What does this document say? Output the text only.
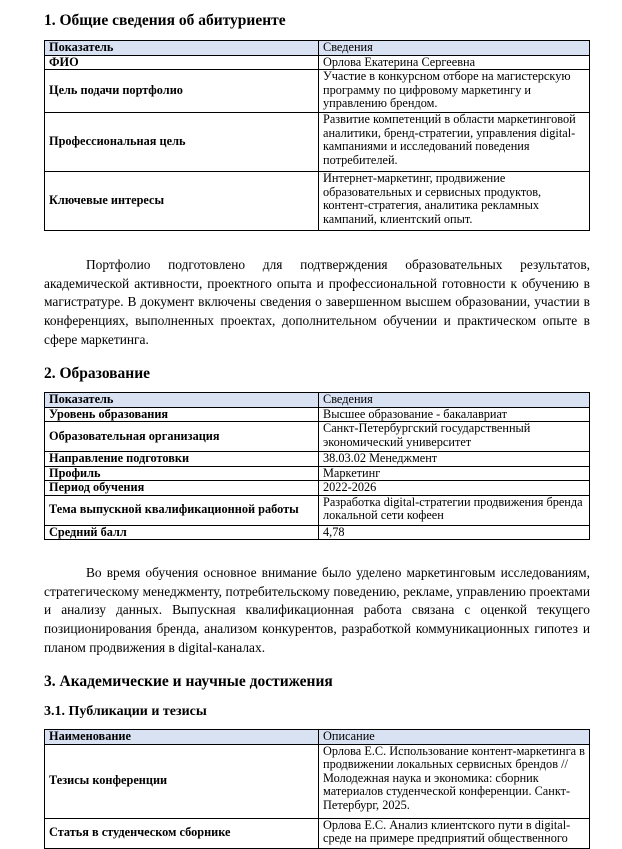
1. Общие сведения об абитуриенте
Показатель	Сведения
ФИО	Орлова Екатерина Сергеевна
Цель подачи портфолио	Участие в конкурсном отборе на магистерскую программу по цифровому маркетингу и управлению брендом.
Профессиональная цель	Развитие компетенций в области маркетинговой аналитики, бренд-стратегии, управления digital-кампаниями и исследований поведения потребителей.
Ключевые интересы	Интернет-маркетинг, продвижение образовательных и сервисных продуктов, контент-стратегия, аналитика рекламных кампаний, клиентский опыт.

Портфолио подготовлено для подтверждения образовательных результатов, академической активности, проектного опыта и профессиональной готовности к обучению в магистратуре. В документ включены сведения о завершенном высшем образовании, участии в конференциях, выполненных проектах, дополнительном обучении и практическом опыте в сфере маркетинга.

2. Образование
Показатель	Сведения
Уровень образования	Высшее образование - бакалавриат
Образовательная организация	Санкт-Петербургский государственный экономический университет
Направление подготовки	38.03.02 Менеджмент
Профиль	Маркетинг
Период обучения	2022-2026
Тема выпускной квалификационной работы	Разработка digital-стратегии продвижения бренда локальной сети кофеен
Средний балл	4,78

Во время обучения основное внимание было уделено маркетинговым исследованиям, стратегическому менеджменту, потребительскому поведению, рекламе, управлению проектами и анализу данных. Выпускная квалификационная работа связана с оценкой текущего позиционирования бренда, анализом конкурентов, разработкой коммуникационных гипотез и планом продвижения в digital-каналах.

3. Академические и научные достижения
3.1. Публикации и тезисы
Наименование	Описание
Тезисы конференции	Орлова Е.С. Использование контент-маркетинга в продвижении локальных сервисных брендов // Молодежная наука и экономика: сборник материалов студенческой конференции. Санкт-Петербург, 2025.
Статья в студенческом сборнике	Орлова Е.С. Анализ клиентского пути в digital-среде на примере предприятий общественного
